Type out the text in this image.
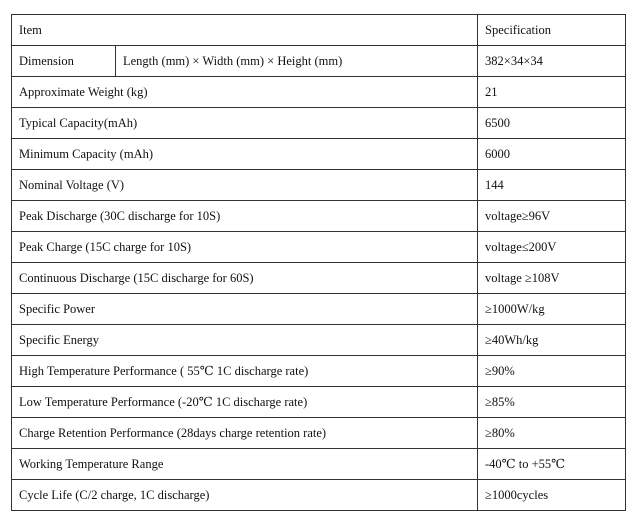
Item		Specification
Dimension	Length (mm) × Width (mm) × Height (mm)	382×34×34
Approximate Weight (kg)		21
Typical Capacity(mAh)		6500
Minimum Capacity (mAh)		6000
Nominal Voltage (V)		144
Peak Discharge (30C discharge for 10S)		voltage≥96V
Peak Charge (15C charge for 10S)		voltage≤200V
Continuous Discharge (15C discharge for 60S)		voltage ≥108V
Specific Power		≥1000W/kg
Specific Energy		≥40Wh/kg
High Temperature Performance ( 55℃ 1C discharge rate)		≥90%
Low Temperature Performance (-20℃ 1C discharge rate)		≥85%
Charge Retention Performance (28days charge retention rate)		≥80%
Working Temperature Range		-40℃ to +55℃
Cycle Life (C/2 charge, 1C discharge)		≥1000cycles
